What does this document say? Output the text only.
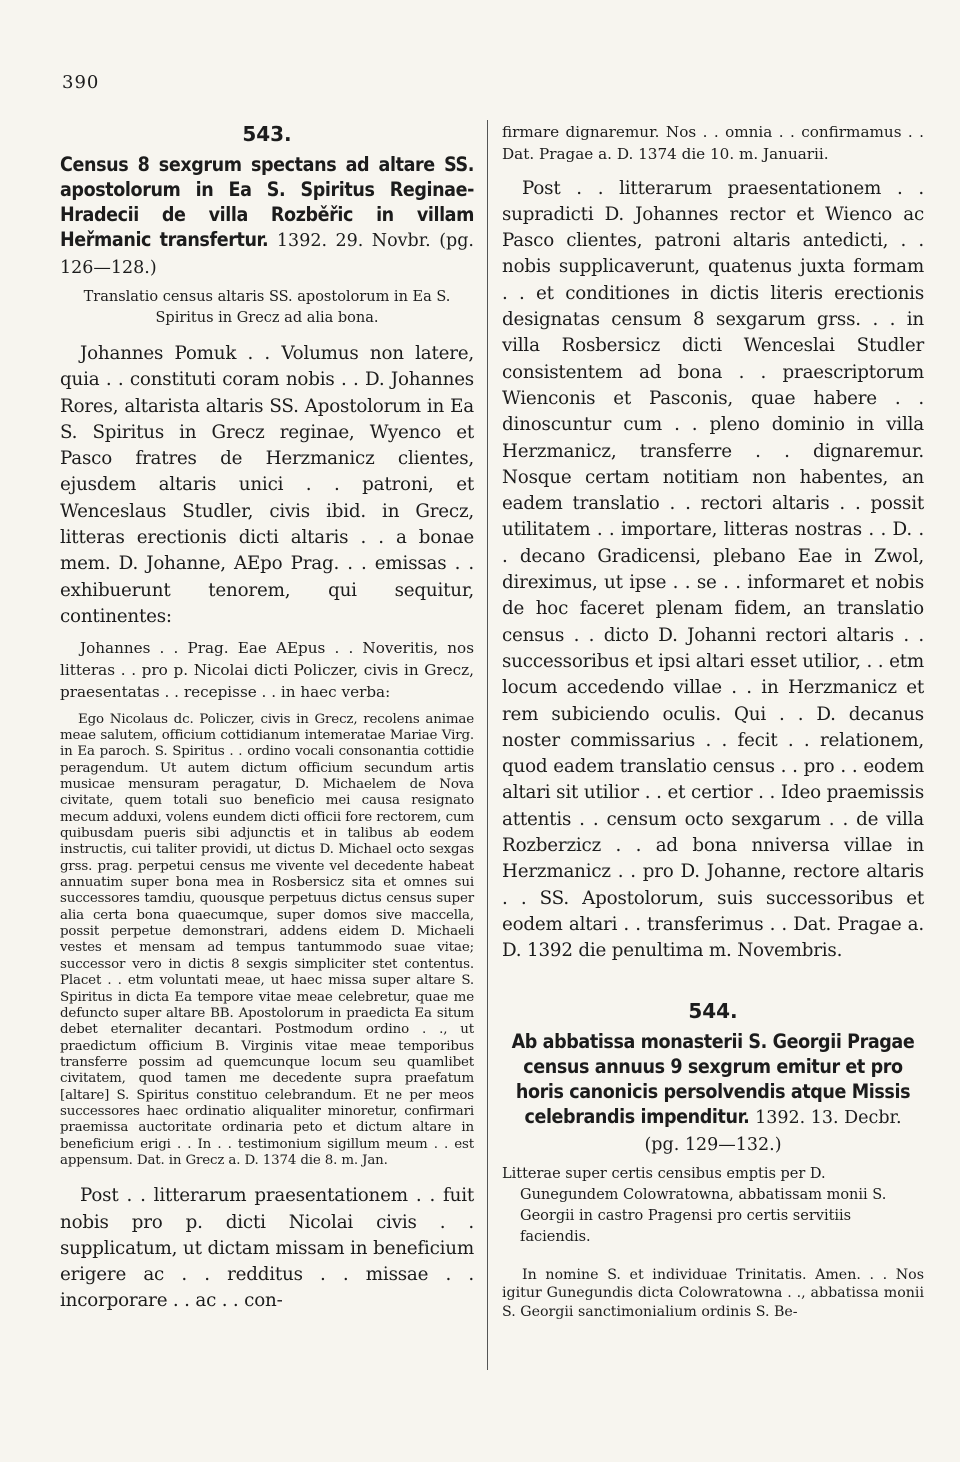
390
543.
Census 8 sexgrum spectans ad altare SS. apostolorum in Ea S. Spiritus Reginae-Hradecii de villa Rozběřic in villam Heřmanic transfertur. 1392. 29. Novbr. (pg. 126—128.)
Translatio census altaris SS. apostolorum in Ea S. Spiritus in Grecz ad alia bona.
Johannes Pomuk . . Volumus non latere, quia . . constituti coram nobis . . D. Johannes Rores, altarista altaris SS. Apostolorum in Ea S. Spiritus in Grecz reginae, Wyenco et Pasco fratres de Herzmanicz clientes, ejusdem altaris unici . . patroni, et Wenceslaus Studler, civis ibid. in Grecz, litteras erectionis dicti altaris . . a bonae mem. D. Johanne, AEpo Prag. . . emissas . . exhibuerunt tenorem, qui sequitur, continentes:
Johannes . . Prag. Eae AEpus . . Noveritis, nos litteras . . pro p. Nicolai dicti Policzer, civis in Grecz, praesentatas . . recepisse . . in haec verba:
Ego Nicolaus dc. Policzer, civis in Grecz, recolens animae meae salutem, officium cottidianum intemeratae Mariae Virg. in Ea paroch. S. Spiritus . . ordino vocali consonantia cottidie peragendum. Ut autem dictum officium secundum artis musicae mensuram peragatur, D. Michaelem de Nova civitate, quem totali suo beneficio mei causa resignato mecum adduxi, volens eundem dicti officii fore rectorem, cum quibusdam pueris sibi adjunctis et in talibus ab eodem instructis, cui taliter providi, ut dictus D. Michael octo sexgas grss. prag. perpetui census me vivente vel decedente habeat annuatim super bona mea in Rosbersicz sita et omnes sui successores tamdiu, quousque perpetuus dictus census super alia certa bona quaecumque, super domos sive maccella, possit perpetue demonstrari, addens eidem D. Michaeli vestes et mensam ad tempus tantummodo suae vitae; successor vero in dictis 8 sexgis simpliciter stet contentus. Placet . . etm voluntati meae, ut haec missa super altare S. Spiritus in dicta Ea tempore vitae meae celebretur, quae me defuncto super altare BB. Apostolorum in praedicta Ea situm debet eternaliter decantari. Postmodum ordino . ., ut praedictum officium B. Virginis vitae meae temporibus transferre possim ad quemcunque locum seu quamlibet civitatem, quod tamen me decedente supra praefatum [altare] S. Spiritus constituo celebrandum. Et ne per meos successores haec ordinatio aliqualiter minoretur, confirmari praemissa auctoritate ordinaria peto et dictum altare in beneficium erigi . . In . . testimonium sigillum meum . . est appensum. Dat. in Grecz a. D. 1374 die 8. m. Jan.
Post . . litterarum praesentationem . . fuit nobis pro p. dicti Nicolai civis . . supplicatum, ut dictam missam in beneficium erigere ac . . redditus . . missae . . incorporare . . ac . . con-
firmare dignaremur. Nos . . omnia . . confirmamus . . Dat. Pragae a. D. 1374 die 10. m. Januarii.
Post . . litterarum praesentationem . . supradicti D. Johannes rector et Wienco ac Pasco clientes, patroni altaris antedicti, . . nobis supplicaverunt, quatenus juxta formam . . et conditiones in dictis literis erectionis designatas censum 8 sexgarum grss. . . in villa Rosbersicz dicti Wenceslai Studler consistentem ad bona . . praescriptorum Wienconis et Pasconis, quae habere . . dinoscuntur cum . . pleno dominio in villa Herzmanicz, transferre . . dignaremur. Nosque certam notitiam non habentes, an eadem translatio . . rectori altaris . . possit utilitatem . . importare, litteras nostras . . D. . . decano Gradicensi, plebano Eae in Zwol, direximus, ut ipse . . se . . informaret et nobis de hoc faceret plenam fidem, an translatio census . . dicto D. Johanni rectori altaris . . successoribus et ipsi altari esset utilior, . . etm locum accedendo villae . . in Herzmanicz et rem subiciendo oculis. Qui . . D. decanus noster commissarius . . fecit . . relationem, quod eadem translatio census . . pro . . eodem altari sit utilior . . et certior . . Ideo praemissis attentis . . censum octo sexgarum . . de villa Rozberzicz . . ad bona nniversa villae in Herzmanicz . . pro D. Johanne, rectore altaris . . SS. Apostolorum, suis successoribus et eodem altari . . transferimus . . Dat. Pragae a. D. 1392 die penultima m. Novembris.
544.
Ab abbatissa monasterii S. Georgii Pragae census annuus 9 sexgrum emitur et pro horis canonicis persolvendis atque Missis celebrandis impenditur. 1392. 13. Decbr.
(pg. 129—132.)
Litterae super certis censibus emptis per D. Gunegundem Colowratowna, abbatissam monii S. Georgii in castro Pragensi pro certis servitiis faciendis.
In nomine S. et individuae Trinitatis. Amen. . . Nos igitur Gunegundis dicta Colowratowna . ., abbatissa monii S. Georgii sanctimonialium ordinis S. Be-
